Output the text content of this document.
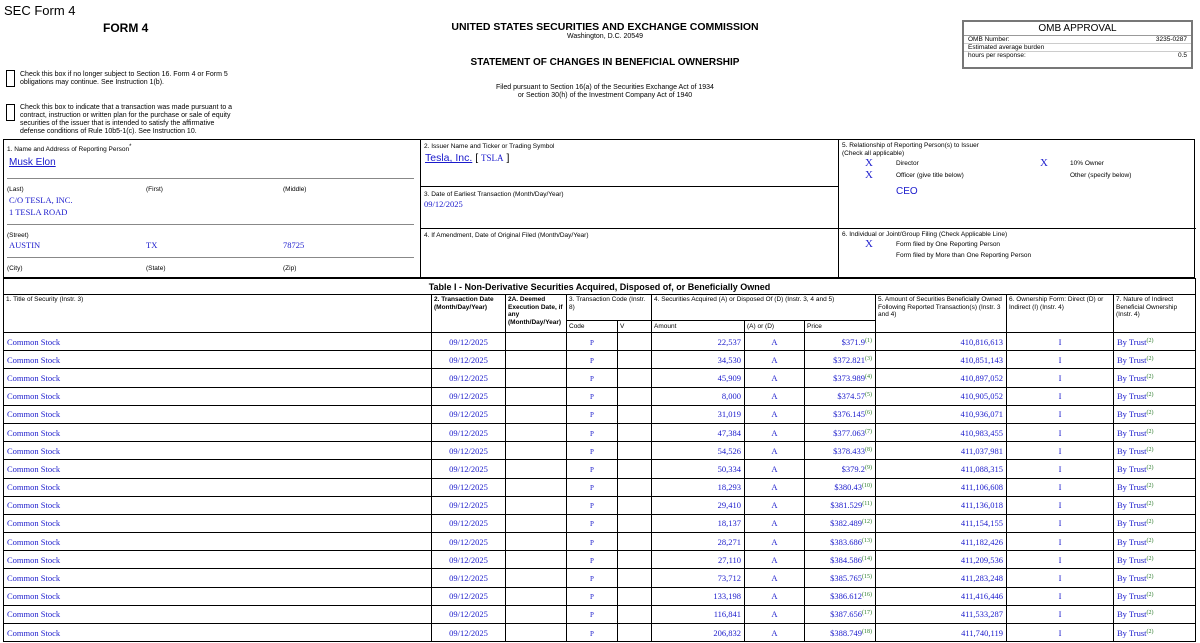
SEC Form 4
FORM 4	UNITED STATES SECURITIES AND EXCHANGE COMMISSION
Washington, D.C. 20549
STATEMENT OF CHANGES IN BENEFICIAL OWNERSHIP
Filed pursuant to Section 16(a) of the Securities Exchange Act of 1934
or Section 30(h) of the Investment Company Act of 1940
Check this box if no longer subject to Section 16. Form 4 or Form 5 obligations may continue. See Instruction 1(b).
Check this box to indicate that a transaction was made pursuant to a contract, instruction or written plan for the purchase or sale of equity securities of the issuer that is intended to satisfy the affirmative defense conditions of Rule 10b5-1(c). See Instruction 10.
OMB APPROVAL
OMB Number:	3235-0287
Estimated average burden
hours per response:	0.5
1. Name and Address of Reporting Person*
Musk Elon
(Last)	(First)	(Middle)
C/O TESLA, INC.
1 TESLA ROAD
(Street)
AUSTIN	TX	78725
(City)	(State)	(Zip)
2. Issuer Name and Ticker or Trading Symbol
Tesla, Inc. [ TSLA ]
3. Date of Earliest Transaction (Month/Day/Year)
09/12/2025
4. If Amendment, Date of Original Filed (Month/Day/Year)
5. Relationship of Reporting Person(s) to Issuer
(Check all applicable)
X	Director	X	10% Owner
X	Officer (give title below)	Other (specify below)
CEO
6. Individual or Joint/Group Filing (Check Applicable Line)
X	Form filed by One Reporting Person
Form filed by More than One Reporting Person
Table I - Non-Derivative Securities Acquired, Disposed of, or Beneficially Owned										
1. Title of Security (Instr. 3)	2. Transaction Date (Month/Day/Year)	2A. Deemed Execution Date, if any (Month/Day/Year)	3. Transaction Code (Instr. 8)		4. Securities Acquired (A) or Disposed Of (D) (Instr. 3, 4 and 5)			5. Amount of Securities Beneficially Owned Following Reported Transaction(s) (Instr. 3 and 4)	6. Ownership Form: Direct (D) or Indirect (I) (Instr. 4)	7. Nature of Indirect Beneficial Ownership (Instr. 4)
			Code	V	Amount	(A) or (D)	Price			
Common Stock	09/12/2025		P		22,537	A	$371.9$^{(1)}$	410,816,613	I	By Trust$^{(2)}$
Common Stock	09/12/2025		P		34,530	A	$372.821$^{(3)}$	410,851,143	I	By Trust$^{(2)}$
Common Stock	09/12/2025		P		45,909	A	$373.989$^{(4)}$	410,897,052	I	By Trust$^{(2)}$
Common Stock	09/12/2025		P		8,000	A	$374.57$^{(5)}$	410,905,052	I	By Trust$^{(2)}$
Common Stock	09/12/2025		P		31,019	A	$376.145$^{(6)}$	410,936,071	I	By Trust$^{(2)}$
Common Stock	09/12/2025		P		47,384	A	$377.063$^{(7)}$	410,983,455	I	By Trust$^{(2)}$
Common Stock	09/12/2025		P		54,526	A	$378.433$^{(8)}$	411,037,981	I	By Trust$^{(2)}$
Common Stock	09/12/2025		P		50,334	A	$379.2$^{(9)}$	411,088,315	I	By Trust$^{(2)}$
Common Stock	09/12/2025		P		18,293	A	$380.43$^{(10)}$	411,106,608	I	By Trust$^{(2)}$
Common Stock	09/12/2025		P		29,410	A	$381.529$^{(11)}$	411,136,018	I	By Trust$^{(2)}$
Common Stock	09/12/2025		P		18,137	A	$382.489$^{(12)}$	411,154,155	I	By Trust$^{(2)}$
Common Stock	09/12/2025		P		28,271	A	$383.686$^{(13)}$	411,182,426	I	By Trust$^{(2)}$
Common Stock	09/12/2025		P		27,110	A	$384.586$^{(14)}$	411,209,536	I	By Trust$^{(2)}$
Common Stock	09/12/2025		P		73,712	A	$385.765$^{(15)}$	411,283,248	I	By Trust$^{(2)}$
Common Stock	09/12/2025		P		133,198	A	$386.612$^{(16)}$	411,416,446	I	By Trust$^{(2)}$
Common Stock	09/12/2025		P		116,841	A	$387.656$^{(17)}$	411,533,287	I	By Trust$^{(2)}$
Common Stock	09/12/2025		P		206,832	A	$388.749$^{(18)}$	411,740,119	I	By Trust$^{(2)}$
